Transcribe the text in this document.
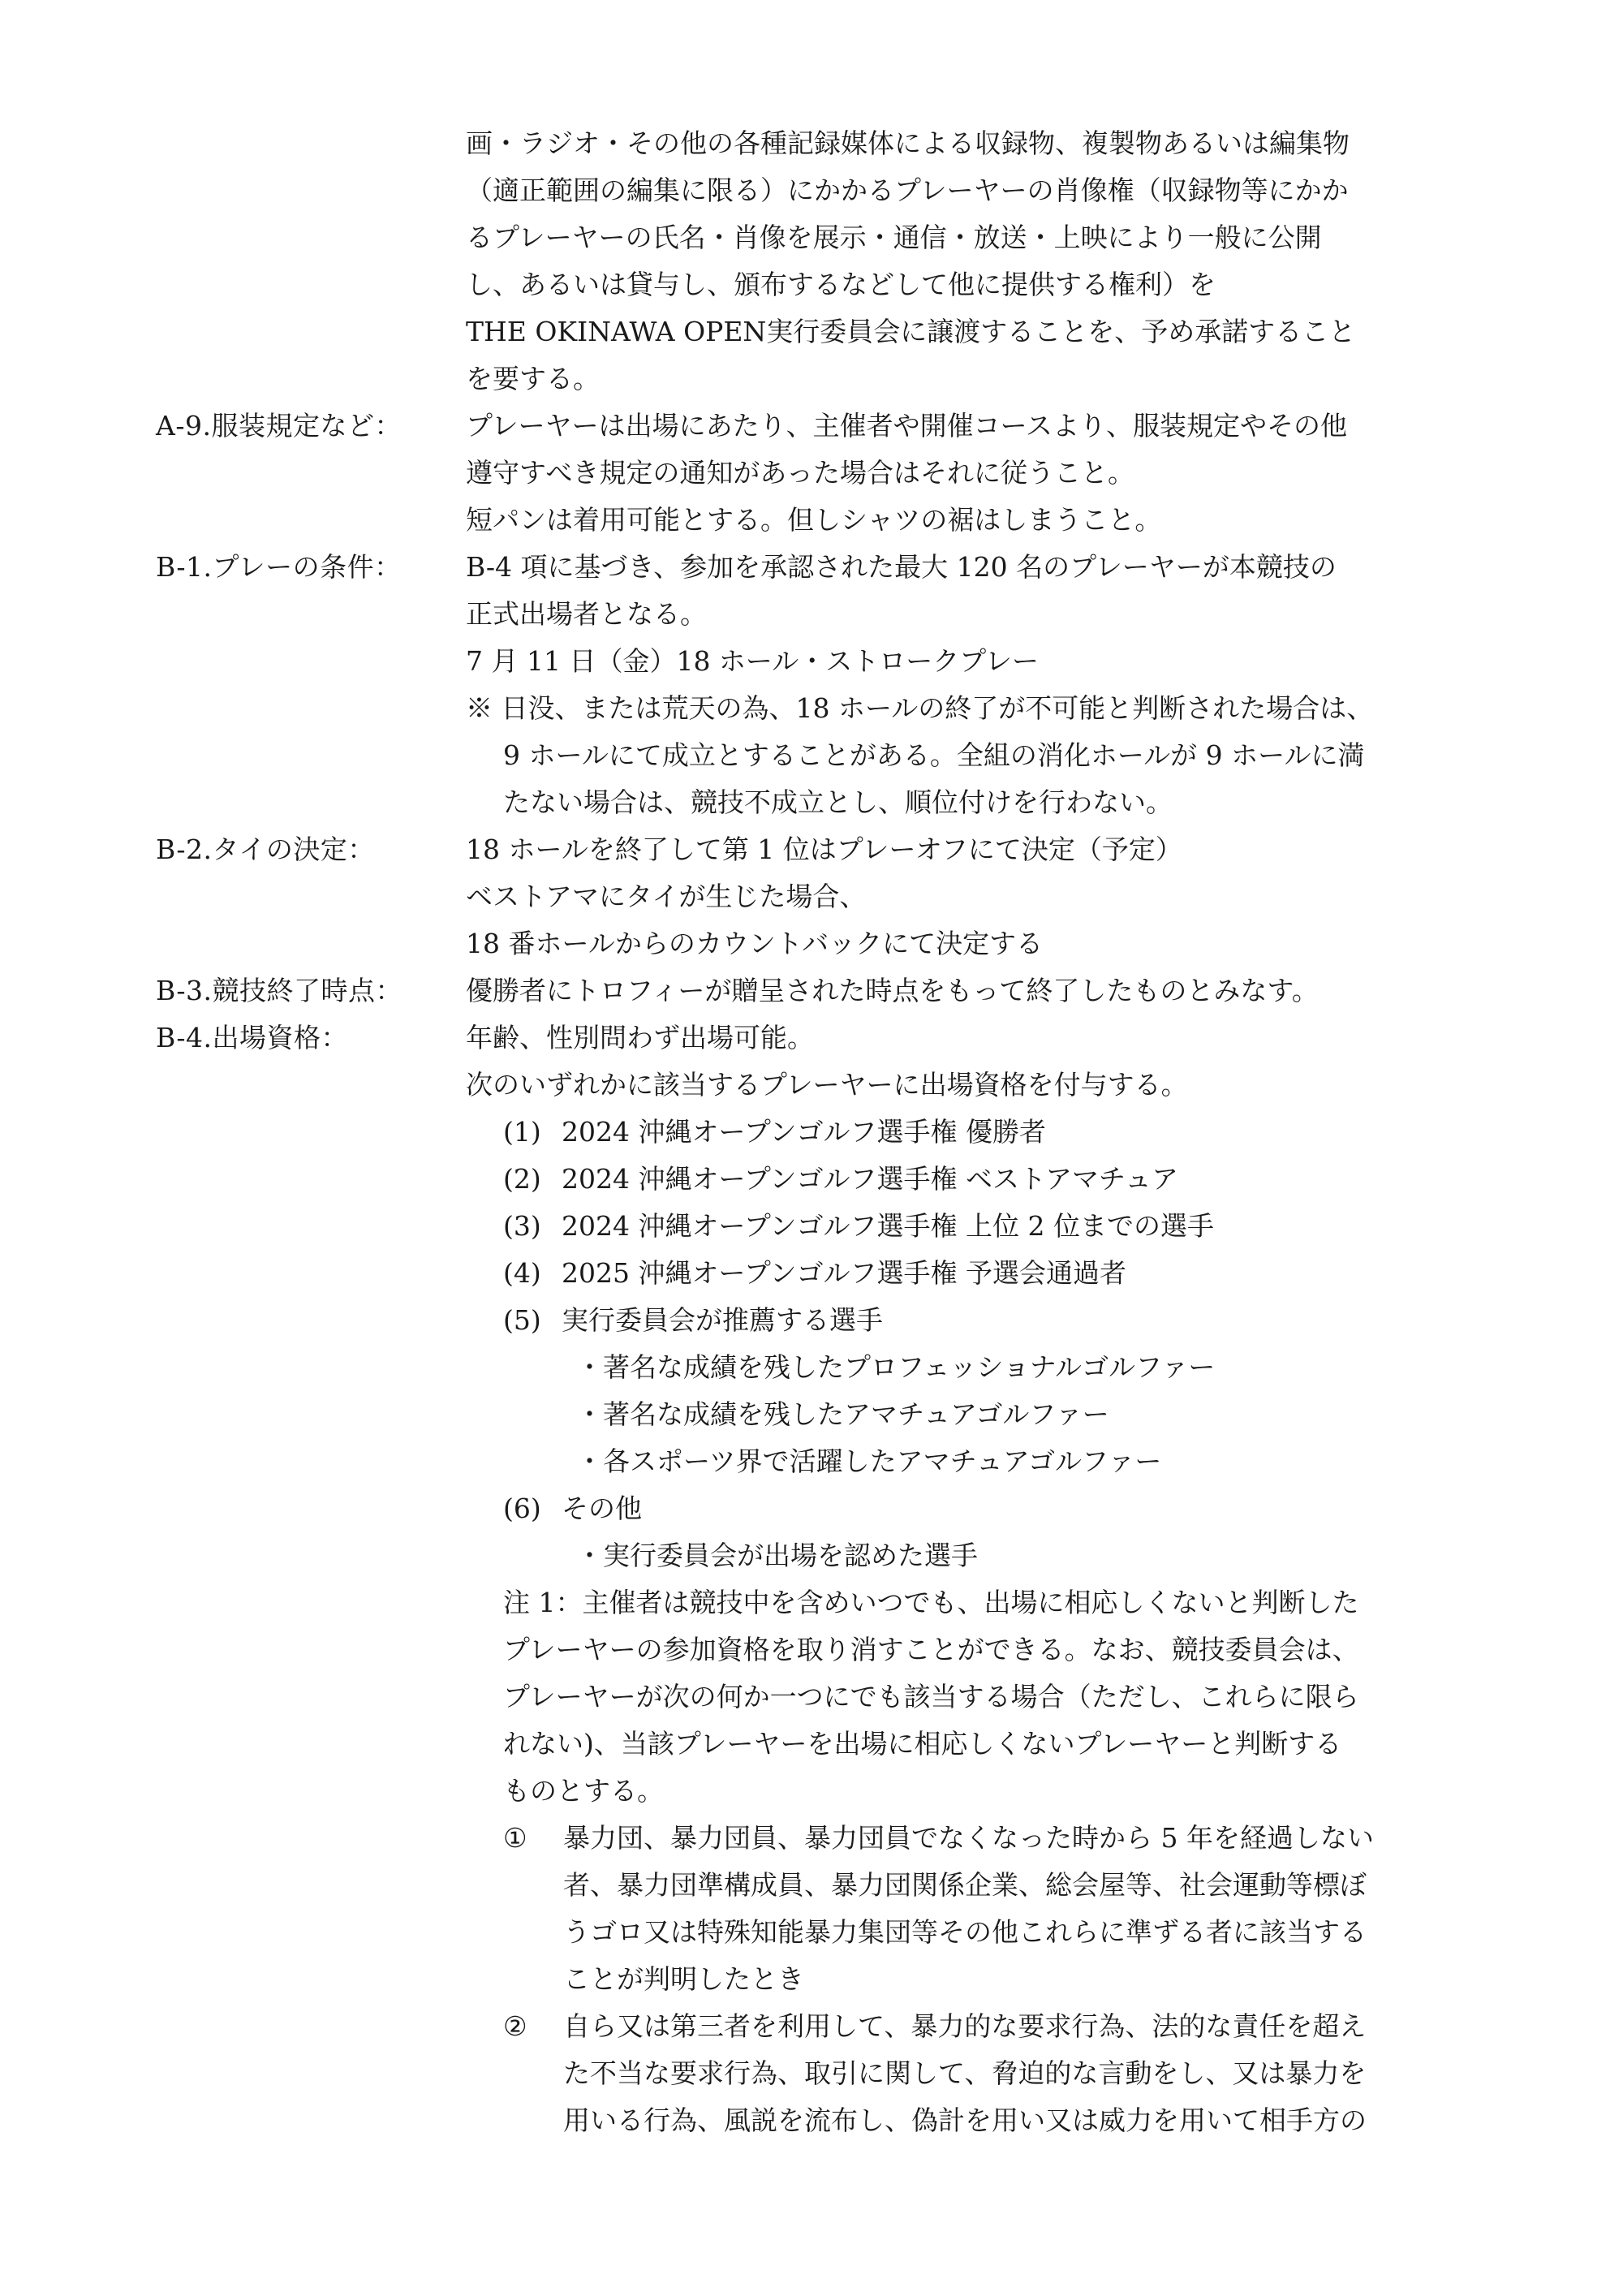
画・ラジオ・その他の各種記録媒体による収録物、複製物あるいは編集物
（適正範囲の編集に限る）にかかるプレーヤーの肖像権（収録物等にかか
るプレーヤーの氏名・肖像を展示・通信・放送・上映により一般に公開
し、あるいは貸与し、頒布するなどして他に提供する権利）を
THE OKINAWA OPEN実行委員会に譲渡することを、予め承諾すること
を要する。
A-9.服装規定など：	プレーヤーは出場にあたり、主催者や開催コースより、服装規定やその他
遵守すべき規定の通知があった場合はそれに従うこと。
短パンは着用可能とする。但しシャツの裾はしまうこと。
B-1.プレーの条件：	B-4 項に基づき、参加を承認された最大 120 名のプレーヤーが本競技の
正式出場者となる。
7 月 11 日（金）18 ホール・ストロークプレー
※ 日没、または荒天の為、18 ホールの終了が不可能と判断された場合は、
9 ホールにて成立とすることがある。全組の消化ホールが 9 ホールに満
たない場合は、競技不成立とし、順位付けを行わない。
B-2.タイの決定：	18 ホールを終了して第 1 位はプレーオフにて決定（予定）
ベストアマにタイが生じた場合、
18 番ホールからのカウントバックにて決定する
B-3.競技終了時点：	優勝者にトロフィーが贈呈された時点をもって終了したものとみなす。
B-4.出場資格：	年齢、性別問わず出場可能。
次のいずれかに該当するプレーヤーに出場資格を付与する。
(1) 2024 沖縄オープンゴルフ選手権 優勝者
(2) 2024 沖縄オープンゴルフ選手権 ベストアマチュア
(3) 2024 沖縄オープンゴルフ選手権 上位 2 位までの選手
(4) 2025 沖縄オープンゴルフ選手権 予選会通過者
(5) 実行委員会が推薦する選手
・著名な成績を残したプロフェッショナルゴルファー
・著名な成績を残したアマチュアゴルファー
・各スポーツ界で活躍したアマチュアゴルファー
(6) その他
・実行委員会が出場を認めた選手
注 1：主催者は競技中を含めいつでも、出場に相応しくないと判断した
プレーヤーの参加資格を取り消すことができる。なお、競技委員会は、
プレーヤーが次の何か一つにでも該当する場合（ただし、これらに限ら
れない)、当該プレーヤーを出場に相応しくないプレーヤーと判断する
ものとする。
① 暴力団、暴力団員、暴力団員でなくなった時から 5 年を経過しない
者、暴力団準構成員、暴力団関係企業、総会屋等、社会運動等標ぼ
うゴロ又は特殊知能暴力集団等その他これらに準ずる者に該当する
ことが判明したとき
② 自ら又は第三者を利用して、暴力的な要求行為、法的な責任を超え
た不当な要求行為、取引に関して、脅迫的な言動をし、又は暴力を
用いる行為、風説を流布し、偽計を用い又は威力を用いて相手方の
